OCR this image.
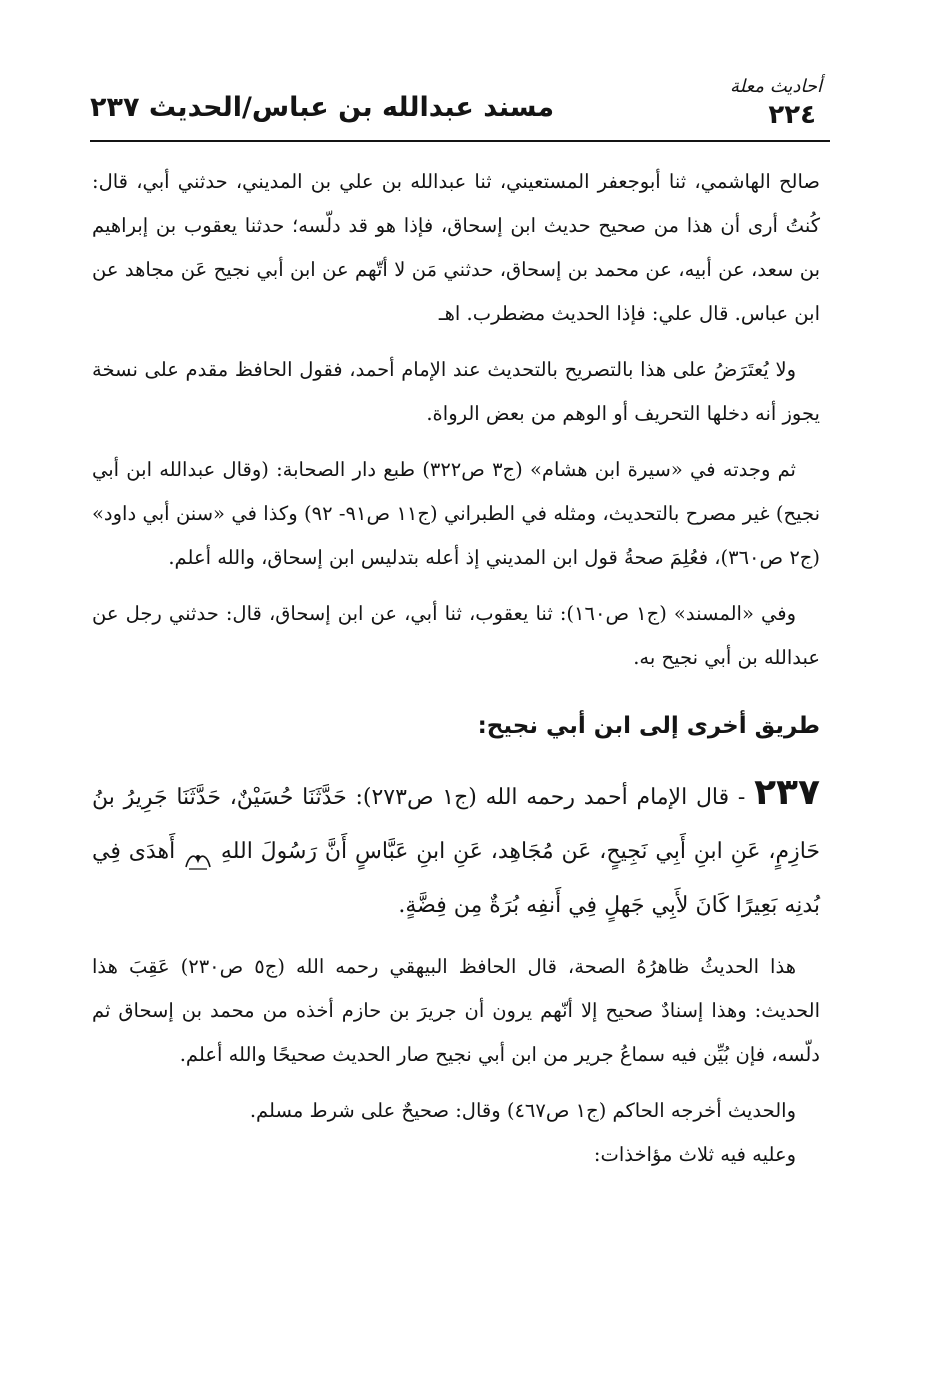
مسند عبدالله بن عباس/الحديث ٢٣٧
أحاديث معلة
٢٢٤

صالح الهاشمي، ثنا أبوجعفر المستعيني، ثنا عبدالله بن علي بن المديني، حدثني أبي، قال: كُنتُ أرى أن هذا من صحيح حديث ابن إسحاق، فإذا هو قد دلّسه؛ حدثنا يعقوب بن إبراهيم بن سعد، عن أبيه، عن محمد بن إسحاق، حدثني مَن لا أتّهم عن ابن أبي نجيح عَن مجاهد عن ابن عباس. قال علي: فإذا الحديث مضطرب. اهـ

ولا يُعتَرَضُ على هذا بالتصريح بالتحديث عند الإمام أحمد، فقول الحافظ مقدم على نسخة يجوز أنه دخلها التحريف أو الوهم من بعض الرواة.

ثم وجدته في «سيرة ابن هشام» (ج٣ ص٣٢٢) طبع دار الصحابة: (وقال عبدالله ابن أبي نجيح) غير مصرح بالتحديث، ومثله في الطبراني (ج١١ ص٩١- ٩٢) وكذا في «سنن أبي داود» (ج٢ ص٣٦٠)، فعُلِمَ صحةُ قول ابن المديني إذ أعله بتدليس ابن إسحاق، والله أعلم.

وفي «المسند» (ج١ ص١٦٠): ثنا يعقوب، ثنا أبي، عن ابن إسحاق، قال: حدثني رجل عن عبدالله بن أبي نجيح به.

طريق أخرى إلى ابن أبي نجيح:

٢٣٧ - قال الإمام أحمد رحمه الله (ج١ ص٢٧٣): حَدَّثَنَا حُسَيْنٌ، حَدَّثَنَا جَرِيرُ بنُ حَازِمٍ، عَنِ ابنِ أَبِي نَجِيحٍ، عَن مُجَاهِد، عَنِ ابنِ عَبَّاسٍ أَنَّ رَسُولَ اللهِ  أَهدَى فِي بُدنِه بَعِيرًا كَانَ لأَبِي جَهلٍ فِي أَنفِه بُرَةٌ مِن فِضَّةٍ.

هذا الحديثُ ظاهرُهُ الصحة، قال الحافظ البيهقي رحمه الله (ج٥ ص٢٣٠) عَقِبَ هذا الحديث: وهذا إسنادٌ صحيح إلا أنّهم يرون أن جريرَ بن حازم أخذه من محمد بن إسحاق ثم دلّسه، فإن بُيِّن فيه سماعُ جرير من ابن أبي نجيح صار الحديث صحيحًا والله أعلم.

والحديث أخرجه الحاكم (ج١ ص٤٦٧) وقال: صحيحٌ على شرط مسلم.

وعليه فيه ثلاث مؤاخذات:
